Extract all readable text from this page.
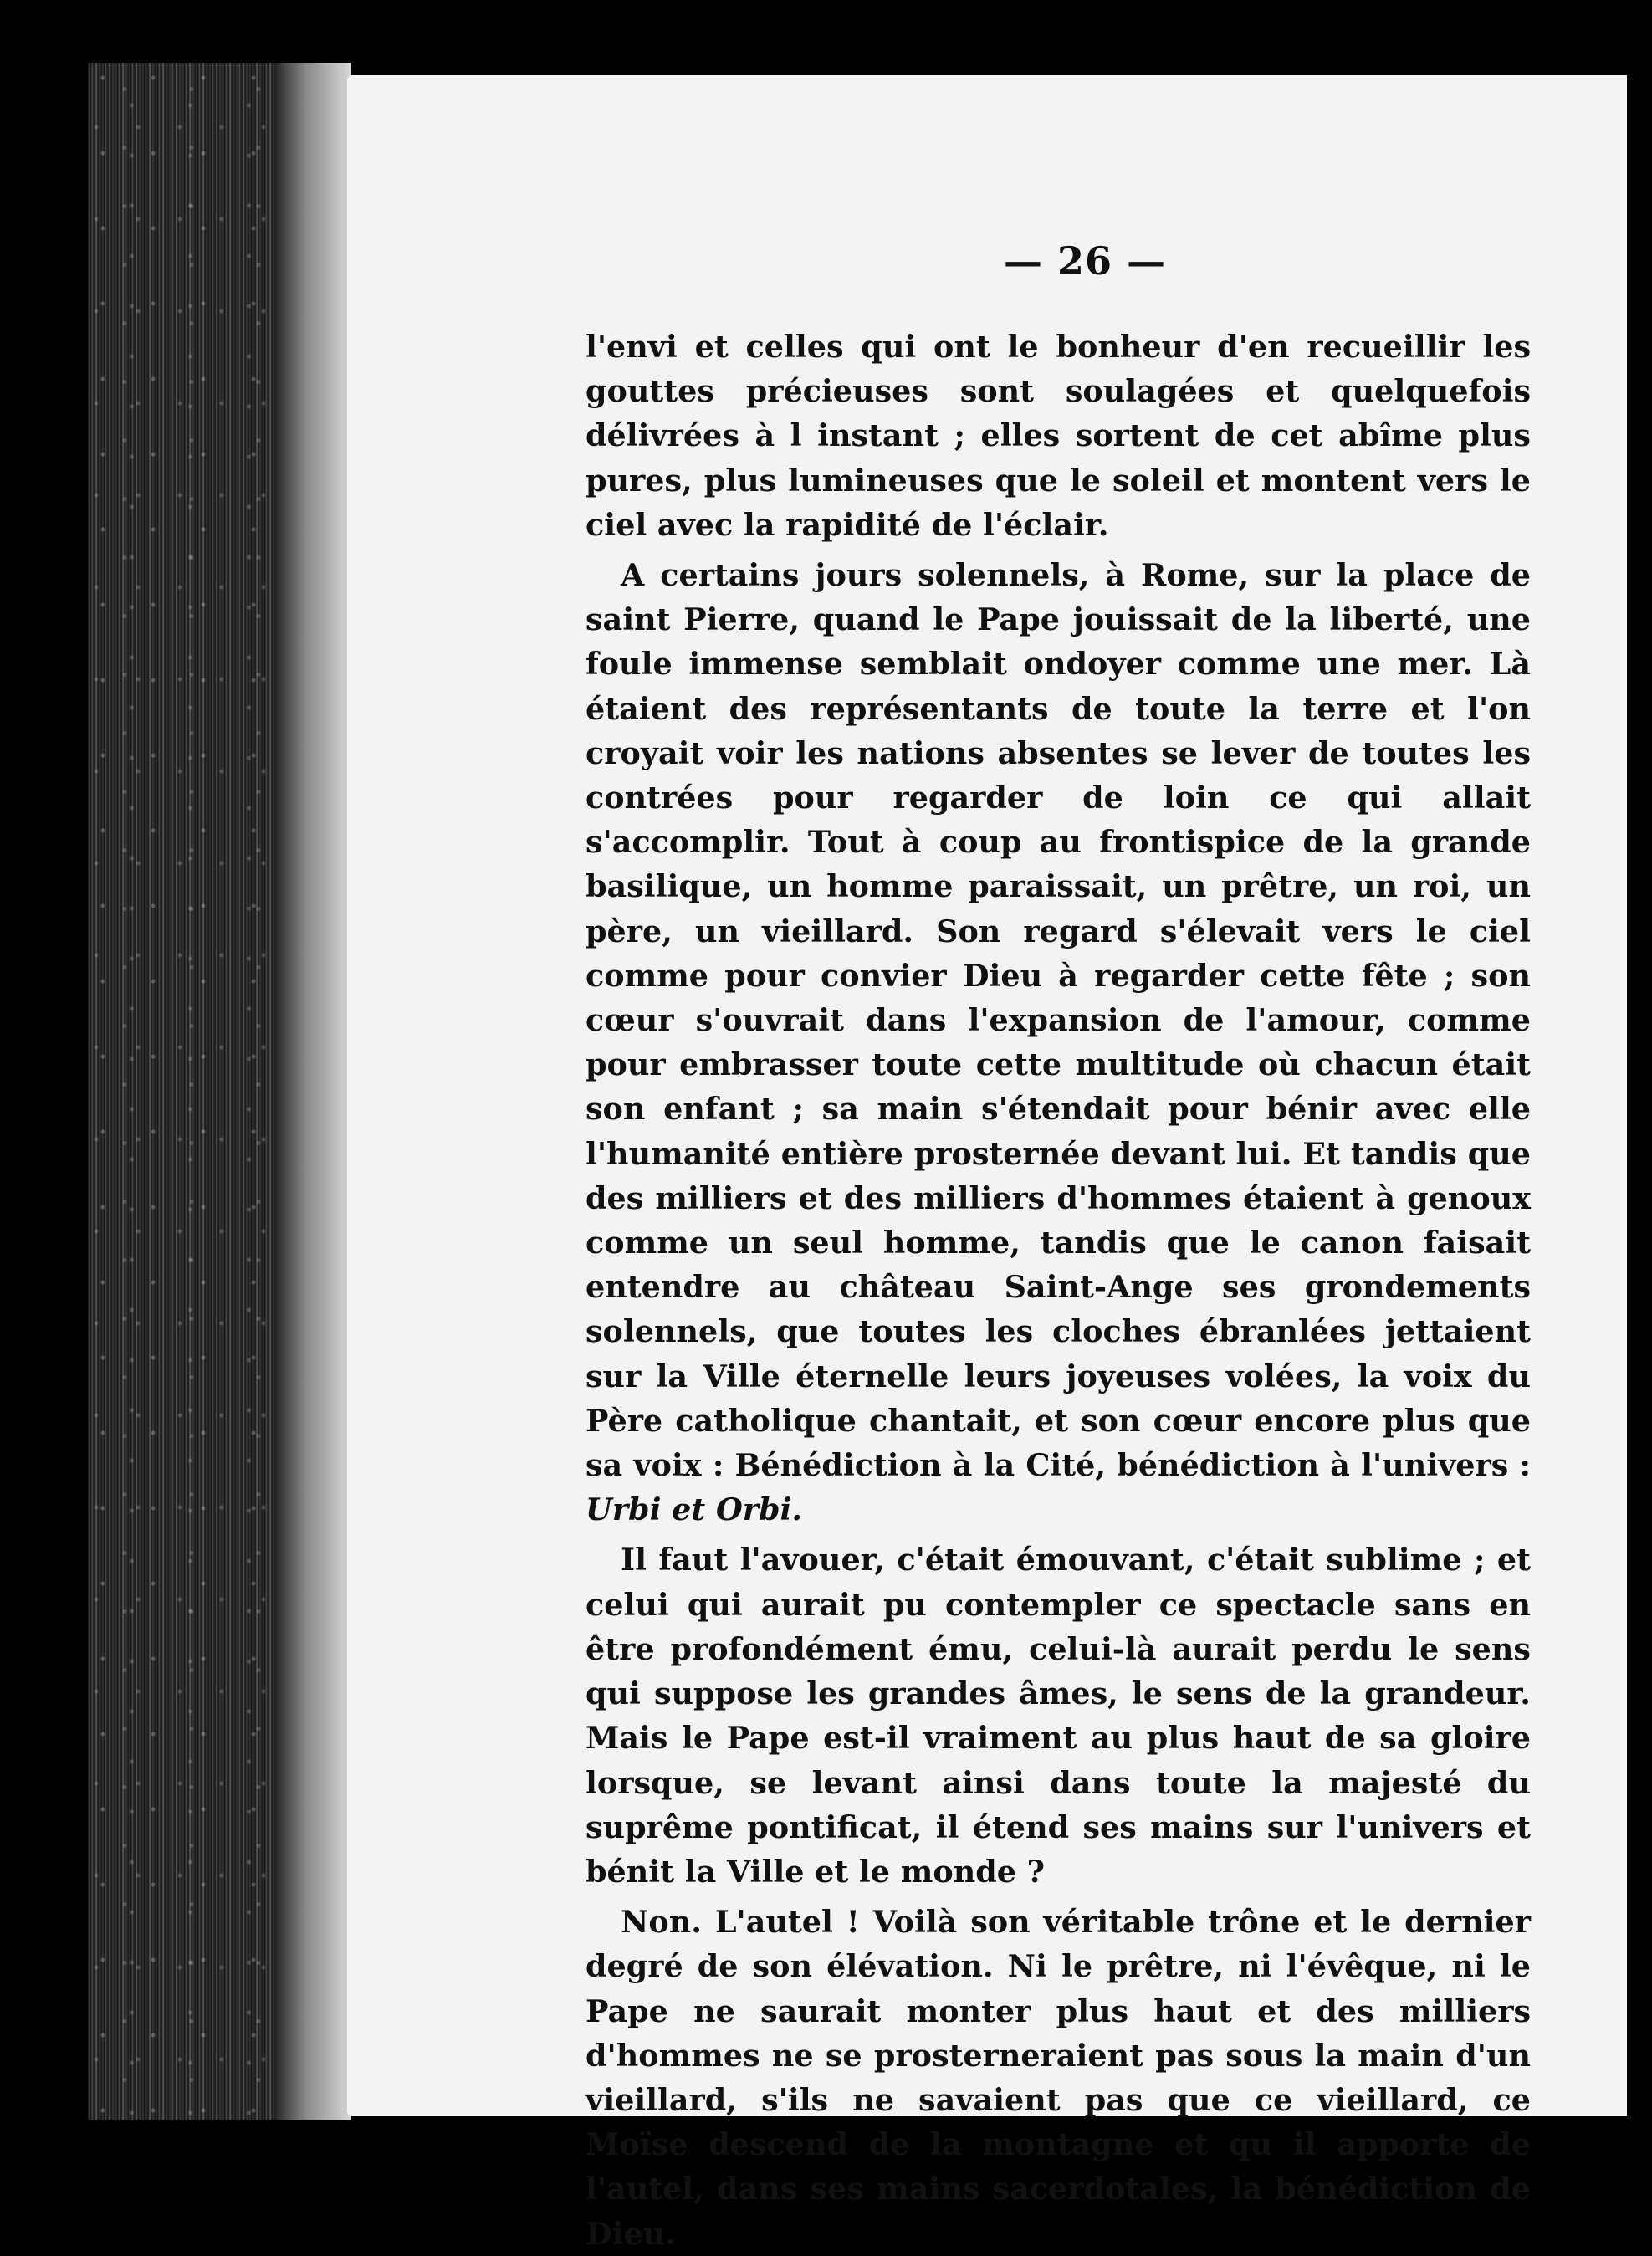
— 26 —

l'envi et celles qui ont le bonheur d'en recueillir les gouttes précieuses sont soulagées et quelquefois délivrées à l instant ; elles sortent de cet abîme plus pures, plus lumineuses que le soleil et montent vers le ciel avec la rapidité de l'éclair.

A certains jours solennels, à Rome, sur la place de saint Pierre, quand le Pape jouissait de la liberté, une foule immense semblait ondoyer comme une mer. Là étaient des représentants de toute la terre et l'on croyait voir les nations absentes se lever de toutes les contrées pour regarder de loin ce qui allait s'accomplir. Tout à coup au frontispice de la grande basilique, un homme paraissait, un prêtre, un roi, un père, un vieillard. Son regard s'élevait vers le ciel comme pour convier Dieu à regarder cette fête ; son cœur s'ouvrait dans l'expansion de l'amour, comme pour embrasser toute cette multitude où chacun était son enfant ; sa main s'étendait pour bénir avec elle l'humanité entière prosternée devant lui. Et tandis que des milliers et des milliers d'hommes étaient à genoux comme un seul homme, tandis que le canon faisait entendre au château Saint-Ange ses grondements solennels, que toutes les cloches ébranlées jettaient sur la Ville éternelle leurs joyeuses volées, la voix du Père catholique chantait, et son cœur encore plus que sa voix : Bénédiction à la Cité, bénédiction à l'univers : Urbi et Orbi.

Il faut l'avouer, c'était émouvant, c'était sublime ; et celui qui aurait pu contempler ce spectacle sans en être profondément ému, celui-là aurait perdu le sens qui suppose les grandes âmes, le sens de la grandeur. Mais le Pape est-il vraiment au plus haut de sa gloire lorsque, se levant ainsi dans toute la majesté du suprême pontificat, il étend ses mains sur l'univers et bénit la Ville et le monde ?

Non. L'autel ! Voilà son véritable trône et le dernier degré de son élévation. Ni le prêtre, ni l'évêque, ni le Pape ne saurait monter plus haut et des milliers d'hommes ne se prosterneraient pas sous la main d'un vieillard, s'ils ne savaient pas que ce vieillard, ce Moïse descend de la montagne et qu il apporte de l'autel, dans ses mains sacerdotales, la bénédiction de Dieu.
